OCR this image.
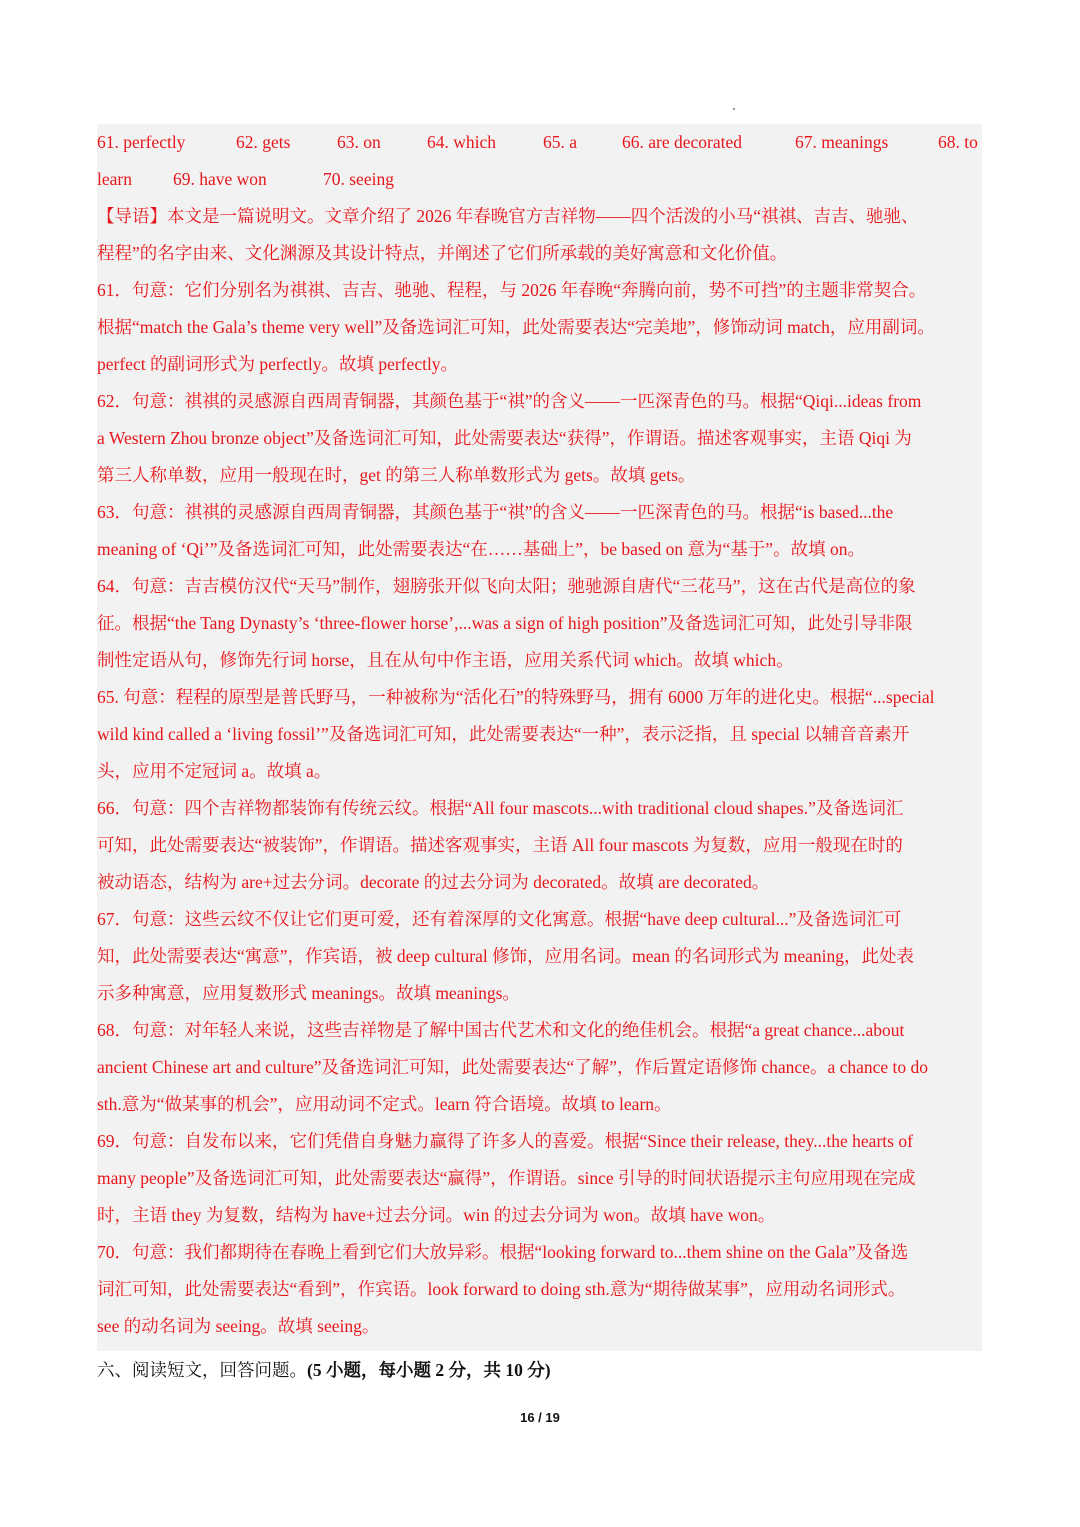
61. perfectly	62. gets	63. on	64. which	65. a	66. are decorated	67. meanings	68. to
learn 69. have won	70. seeing
【导语】本文是一篇说明文。文章介绍了 2026 年春晚官方吉祥物——四个活泼的小马“祺祺、吉吉、驰驰、
程程”的名字由来、文化渊源及其设计特点，并阐述了它们所承载的美好寓意和文化价值。
61．句意：它们分别名为祺祺、吉吉、驰驰、程程，与 2026 年春晚“奔腾向前，势不可挡”的主题非常契合。
根据“match the Gala’s theme very well”及备选词汇可知，此处需要表达“完美地”，修饰动词 match，应用副词。
perfect 的副词形式为 perfectly。故填 perfectly。
62．句意：祺祺的灵感源自西周青铜器，其颜色基于“祺”的含义——一匹深青色的马。根据“Qiqi...ideas from
a Western Zhou bronze object”及备选词汇可知，此处需要表达“获得”，作谓语。描述客观事实，主语 Qiqi 为
第三人称单数，应用一般现在时，get 的第三人称单数形式为 gets。故填 gets。
63．句意：祺祺的灵感源自西周青铜器，其颜色基于“祺”的含义——一匹深青色的马。根据“is based...the
meaning of ‘Qi’”及备选词汇可知，此处需要表达“在……基础上”，be based on 意为“基于”。故填 on。
64．句意：吉吉模仿汉代“天马”制作，翅膀张开似飞向太阳；驰驰源自唐代“三花马”，这在古代是高位的象
征。根据“the Tang Dynasty’s ‘three-flower horse’,...was a sign of high position”及备选词汇可知，此处引导非限
制性定语从句，修饰先行词 horse，且在从句中作主语，应用关系代词 which。故填 which。
65. 句意：程程的原型是普氏野马，一种被称为“活化石”的特殊野马，拥有 6000 万年的进化史。根据“...special
wild kind called a ‘living fossil’”及备选词汇可知，此处需要表达“一种”，表示泛指，且 special 以辅音音素开
头，应用不定冠词 a。故填 a。
66．句意：四个吉祥物都装饰有传统云纹。根据“All four mascots...with traditional cloud shapes.”及备选词汇
可知，此处需要表达“被装饰”，作谓语。描述客观事实，主语 All four mascots 为复数，应用一般现在时的
被动语态，结构为 are+过去分词。decorate 的过去分词为 decorated。故填 are decorated。
67．句意：这些云纹不仅让它们更可爱，还有着深厚的文化寓意。根据“have deep cultural...”及备选词汇可
知，此处需要表达“寓意”，作宾语，被 deep cultural 修饰，应用名词。mean 的名词形式为 meaning，此处表
示多种寓意，应用复数形式 meanings。故填 meanings。
68．句意：对年轻人来说，这些吉祥物是了解中国古代艺术和文化的绝佳机会。根据“a great chance...about
ancient Chinese art and culture”及备选词汇可知，此处需要表达“了解”，作后置定语修饰 chance。a chance to do
sth.意为“做某事的机会”，应用动词不定式。learn 符合语境。故填 to learn。
69．句意：自发布以来，它们凭借自身魅力赢得了许多人的喜爱。根据“Since their release, they...the hearts of
many people”及备选词汇可知，此处需要表达“赢得”，作谓语。since 引导的时间状语提示主句应用现在完成
时，主语 they 为复数，结构为 have+过去分词。win 的过去分词为 won。故填 have won。
70．句意：我们都期待在春晚上看到它们大放异彩。根据“looking forward to...them shine on the Gala”及备选
词汇可知，此处需要表达“看到”，作宾语。look forward to doing sth.意为“期待做某事”，应用动名词形式。
see 的动名词为 seeing。故填 seeing。
六、阅读短文，回答问题。(5 小题，每小题 2 分，共 10 分)
16 / 19
